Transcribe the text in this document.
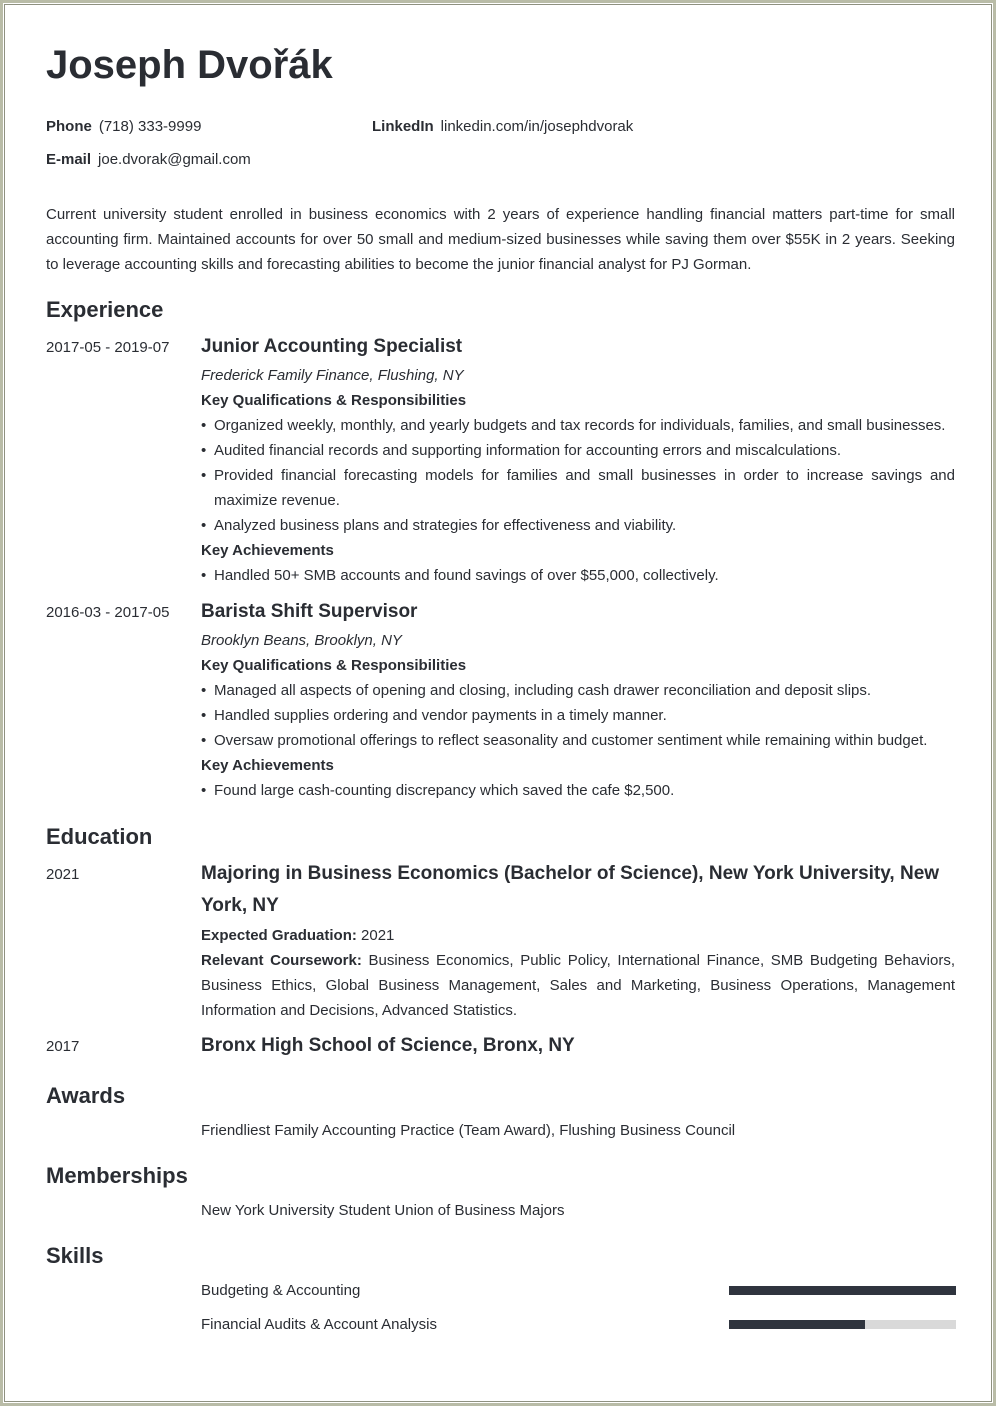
Joseph Dvořák
Phone (718) 333-9999	LinkedIn linkedin.com/in/josephdvorak
E-mail joe.dvorak@gmail.com

Current university student enrolled in business economics with 2 years of experience handling financial matters part-time for small accounting firm. Maintained accounts for over 50 small and medium-sized businesses while saving them over $55K in 2 years. Seeking to leverage accounting skills and forecasting abilities to become the junior financial analyst for PJ Gorman.

Experience
2017-05 - 2019-07 Junior Accounting Specialist
Frederick Family Finance, Flushing, NY
Key Qualifications & Responsibilities
• Organized weekly, monthly, and yearly budgets and tax records for individuals, families, and small businesses.
• Audited financial records and supporting information for accounting errors and miscalculations.
• Provided financial forecasting models for families and small businesses in order to increase savings and maximize revenue.
• Analyzed business plans and strategies for effectiveness and viability.
Key Achievements
• Handled 50+ SMB accounts and found savings of over $55,000, collectively.
2016-03 - 2017-05 Barista Shift Supervisor
Brooklyn Beans, Brooklyn, NY
Key Qualifications & Responsibilities
• Managed all aspects of opening and closing, including cash drawer reconciliation and deposit slips.
• Handled supplies ordering and vendor payments in a timely manner.
• Oversaw promotional offerings to reflect seasonality and customer sentiment while remaining within budget.
Key Achievements
• Found large cash-counting discrepancy which saved the cafe $2,500.
Education
2021	Majoring in Business Economics (Bachelor of Science), New York University, New York, NY
Expected Graduation: 2021
Relevant Coursework: Business Economics, Public Policy, International Finance, SMB Budgeting Behaviors, Business Ethics, Global Business Management, Sales and Marketing, Business Operations, Management Information and Decisions, Advanced Statistics.
2017	Bronx High School of Science, Bronx, NY
Awards
Friendliest Family Accounting Practice (Team Award), Flushing Business Council
Memberships
New York University Student Union of Business Majors
Skills
Budgeting & Accounting
Financial Audits & Account Analysis
